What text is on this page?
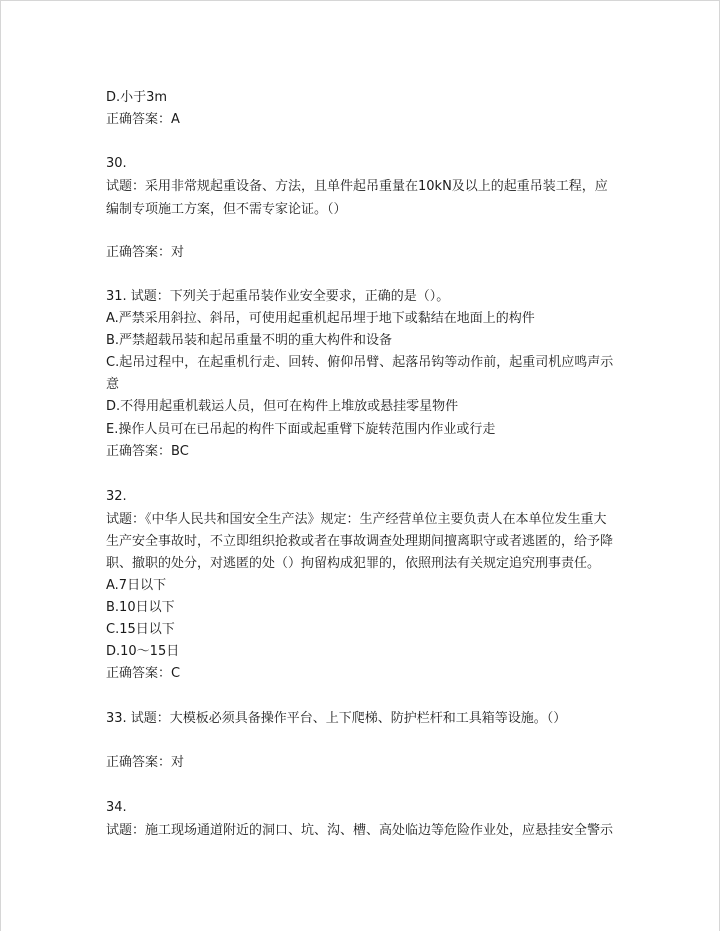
D.小于3m
正确答案：A
30.
试题：采用非常规起重设备、方法，且单件起吊重量在10kN及以上的起重吊装工程，应
编制专项施工方案，但不需专家论证。（）
正确答案：对
31. 试题：下列关于起重吊装作业安全要求，正确的是（）。
A.严禁采用斜拉、斜吊，可使用起重机起吊埋于地下或黏结在地面上的构件
B.严禁超载吊装和起吊重量不明的重大构件和设备
C.起吊过程中，在起重机行走、回转、俯仰吊臂、起落吊钩等动作前，起重司机应鸣声示
意
D.不得用起重机载运人员，但可在构件上堆放或悬挂零星物件
E.操作人员可在已吊起的构件下面或起重臂下旋转范围内作业或行走
正确答案：BC
32.
试题：《中华人民共和国安全生产法》规定：生产经营单位主要负责人在本单位发生重大
生产安全事故时，不立即组织抢救或者在事故调查处理期间擅离职守或者逃匿的，给予降
职、撤职的处分，对逃匿的处（）拘留构成犯罪的，依照刑法有关规定追究刑事责任。
A.7日以下
B.10日以下
C.15日以下
D.10～15日
正确答案：C
33. 试题：大模板必须具备操作平台、上下爬梯、防护栏杆和工具箱等设施。（）
正确答案：对
34.
试题：施工现场通道附近的洞口、坑、沟、槽、高处临边等危险作业处，应悬挂安全警示
